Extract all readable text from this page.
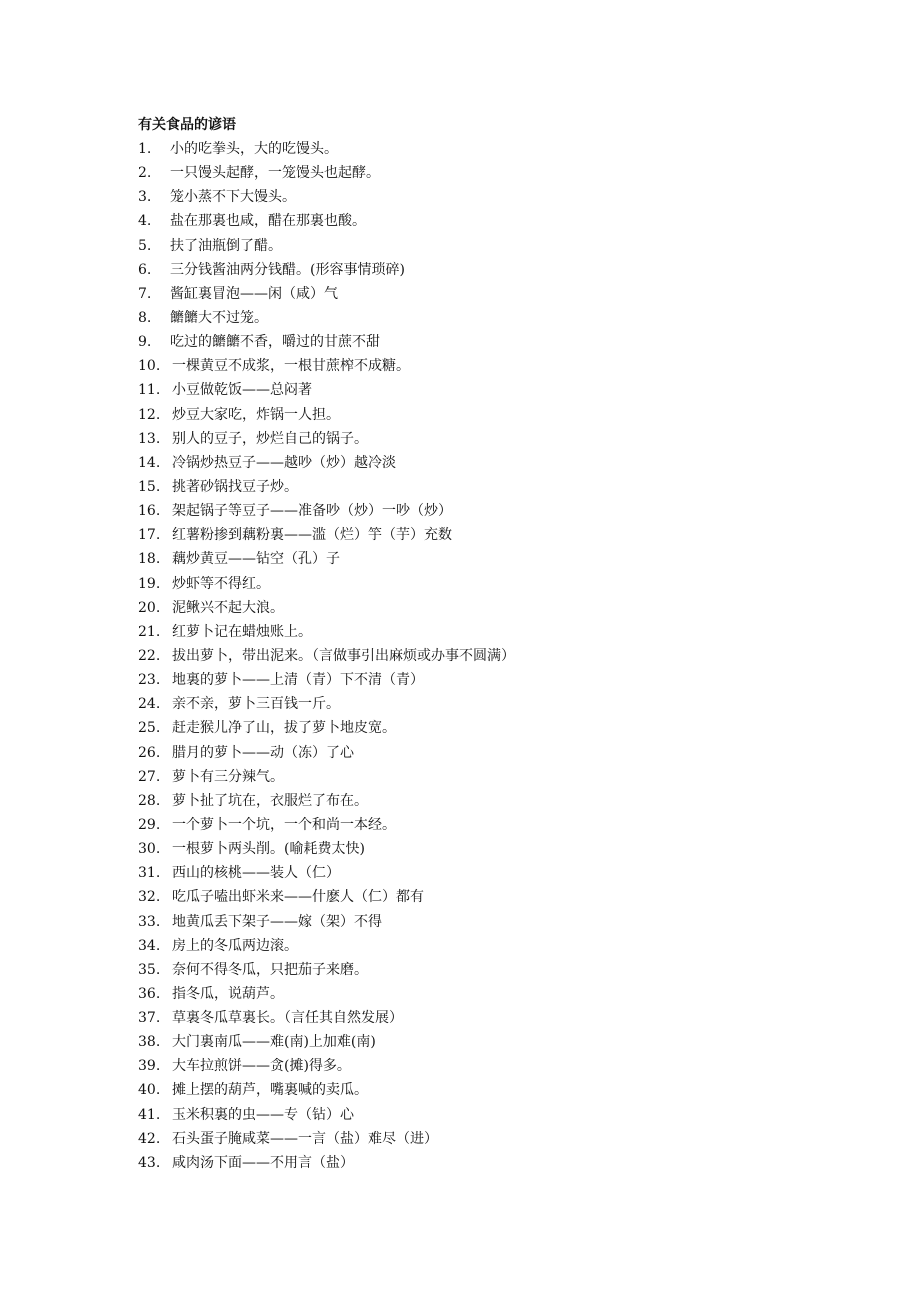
有关食品的谚语
1.	小的吃拳头，大的吃馒头。
2.	一只馒头起酵，一笼馒头也起酵。
3.	笼小蒸不下大馒头。
4.	盐在那裏也咸，醋在那裏也酸。
5.	扶了油瓶倒了醋。
6.	三分钱酱油两分钱醋。(形容事情琐碎)
7.	酱缸裏冒泡——闲（咸）气
8.	饝饝大不过笼。
9.	吃过的饝饝不香，嚼过的甘蔗不甜
10. 一棵黄豆不成浆，一根甘蔗榨不成糖。
11. 小豆做乾饭——总闷著
12. 炒豆大家吃，炸锅一人担。
13. 别人的豆子，炒烂自己的锅子。
14. 冷锅炒热豆子——越吵（炒）越冷淡
15. 挑著砂锅找豆子炒。
16. 架起锅子等豆子——准备吵（炒）一吵（炒）
17. 红薯粉掺到藕粉裏——滥（烂）竽（芋）充数
18. 藕炒黄豆——钻空（孔）子
19. 炒虾等不得红。
20. 泥鳅兴不起大浪。
21. 红萝卜记在蜡烛账上。
22. 拔出萝卜，带出泥来。（言做事引出麻烦或办事不圆满）
23. 地裏的萝卜——上清（青）下不清（青）
24. 亲不亲，萝卜三百钱一斤。
25. 赶走猴儿净了山，拔了萝卜地皮宽。
26. 腊月的萝卜——动（冻）了心
27. 萝卜有三分辣气。
28. 萝卜扯了坑在，衣服烂了布在。
29. 一个萝卜一个坑，一个和尚一本经。
30. 一根萝卜两头削。(喻耗费太快)
31. 西山的核桃——装人（仁）
32. 吃瓜子嗑出虾米来——什麽人（仁）都有
33. 地黄瓜丢下架子——嫁（架）不得
34. 房上的冬瓜两边滚。
35. 奈何不得冬瓜，只把茄子来磨。
36. 指冬瓜，说葫芦。
37. 草裏冬瓜草裏长。（言任其自然发展）
38. 大门裏南瓜——难(南)上加难(南)
39. 大车拉煎饼——贪(摊)得多。
40. 摊上摆的葫芦，嘴裏喊的卖瓜。
41. 玉米积裏的虫——专（钻）心
42. 石头蛋子腌咸菜——一言（盐）难尽（进）
43. 咸肉汤下面——不用言（盐）
